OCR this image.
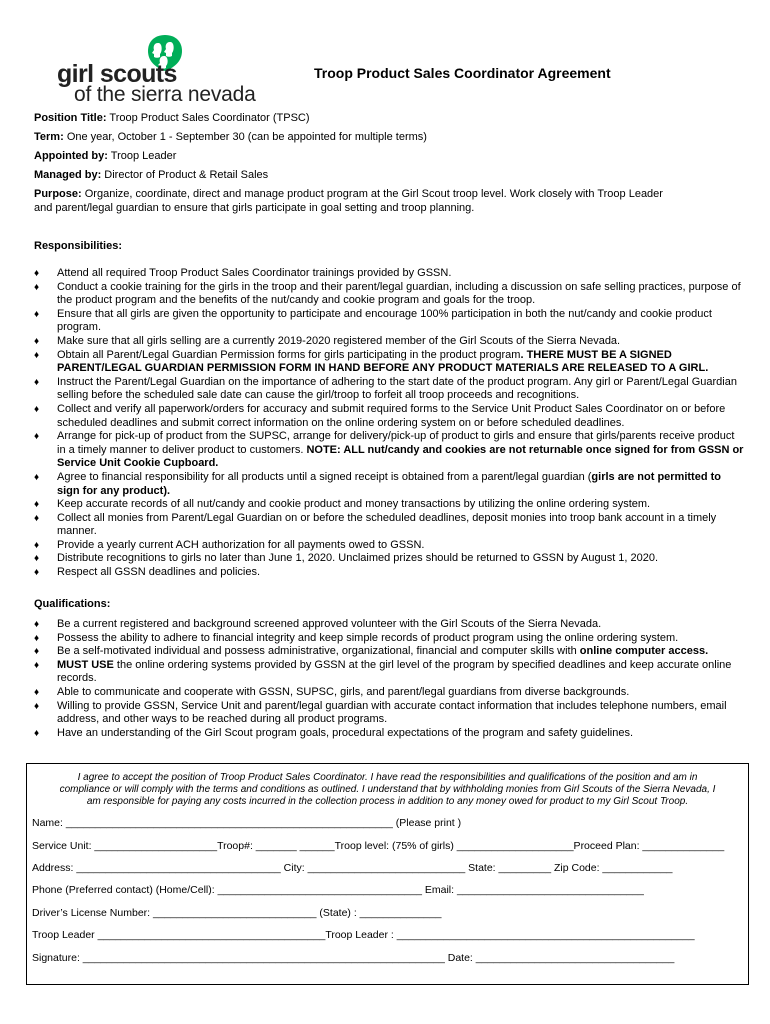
girl scouts
of the sierra nevada
Troop Product Sales Coordinator Agreement
Position Title: Troop Product Sales Coordinator (TPSC)
Term: One year, October 1 - September 30 (can be appointed for multiple terms)
Appointed by: Troop Leader
Managed by: Director of Product & Retail Sales
Purpose: Organize, coordinate, direct and manage product program at the Girl Scout troop level. Work closely with Troop Leader and parent/legal guardian to ensure that girls participate in goal setting and troop planning.
Responsibilities:
♦ Attend all required Troop Product Sales Coordinator trainings provided by GSSN.
♦ Conduct a cookie training for the girls in the troop and their parent/legal guardian, including a discussion on safe selling practices, purpose of the product program and the benefits of the nut/candy and cookie program and goals for the troop.
♦ Ensure that all girls are given the opportunity to participate and encourage 100% participation in both the nut/candy and cookie product program.
♦ Make sure that all girls selling are a currently 2019-2020 registered member of the Girl Scouts of the Sierra Nevada.
♦ Obtain all Parent/Legal Guardian Permission forms for girls participating in the product program. THERE MUST BE A SIGNED PARENT/LEGAL GUARDIAN PERMISSION FORM IN HAND BEFORE ANY PRODUCT MATERIALS ARE RELEASED TO A GIRL.
♦ Instruct the Parent/Legal Guardian on the importance of adhering to the start date of the product program. Any girl or Parent/Legal Guardian selling before the scheduled sale date can cause the girl/troop to forfeit all troop proceeds and recognitions.
♦ Collect and verify all paperwork/orders for accuracy and submit required forms to the Service Unit Product Sales Coordinator on or before scheduled deadlines and submit correct information on the online ordering system on or before scheduled deadlines.
♦ Arrange for pick-up of product from the SUPSC, arrange for delivery/pick-up of product to girls and ensure that girls/parents receive product in a timely manner to deliver product to customers. NOTE: ALL nut/candy and cookies are not returnable once signed for from GSSN or Service Unit Cookie Cupboard.
♦ Agree to financial responsibility for all products until a signed receipt is obtained from a parent/legal guardian (girls are not permitted to sign for any product).
♦ Keep accurate records of all nut/candy and cookie product and money transactions by utilizing the online ordering system.
♦ Collect all monies from Parent/Legal Guardian on or before the scheduled deadlines, deposit monies into troop bank account in a timely manner.
♦ Provide a yearly current ACH authorization for all payments owed to GSSN.
♦ Distribute recognitions to girls no later than June 1, 2020. Unclaimed prizes should be returned to GSSN by August 1, 2020.
♦ Respect all GSSN deadlines and policies.
Qualifications:
♦ Be a current registered and background screened approved volunteer with the Girl Scouts of the Sierra Nevada.
♦ Possess the ability to adhere to financial integrity and keep simple records of product program using the online ordering system.
♦ Be a self-motivated individual and possess administrative, organizational, financial and computer skills with online computer access.
♦ MUST USE the online ordering systems provided by GSSN at the girl level of the program by specified deadlines and keep accurate online records.
♦ Able to communicate and cooperate with GSSN, SUPSC, girls, and parent/legal guardians from diverse backgrounds.
♦ Willing to provide GSSN, Service Unit and parent/legal guardian with accurate contact information that includes telephone numbers, email address, and other ways to be reached during all product programs.
♦ Have an understanding of the Girl Scout program goals, procedural expectations of the program and safety guidelines.
I agree to accept the position of Troop Product Sales Coordinator. I have read the responsibilities and qualifications of the position and am in compliance or will comply with the terms and conditions as outlined. I understand that by withholding monies from Girl Scouts of the Sierra Nevada, I am responsible for paying any costs incurred in the collection process in addition to any money owed for product to my Girl Scout Troop.
Name: ________________________________________________________ (Please print )
Service Unit: _____________________Troop#: _______ ______Troop level: (75% of girls) ____________________Proceed Plan: ______________
Address: ___________________________________ City: ___________________________ State: _________ Zip Code: ____________
Phone (Preferred contact) (Home/Cell): ___________________________________ Email: ________________________________
Driver’s License Number: ____________________________ (State) : ______________
Troop Leader _______________________________________Troop Leader : ___________________________________________________
Signature: ______________________________________________________________ Date: __________________________________
